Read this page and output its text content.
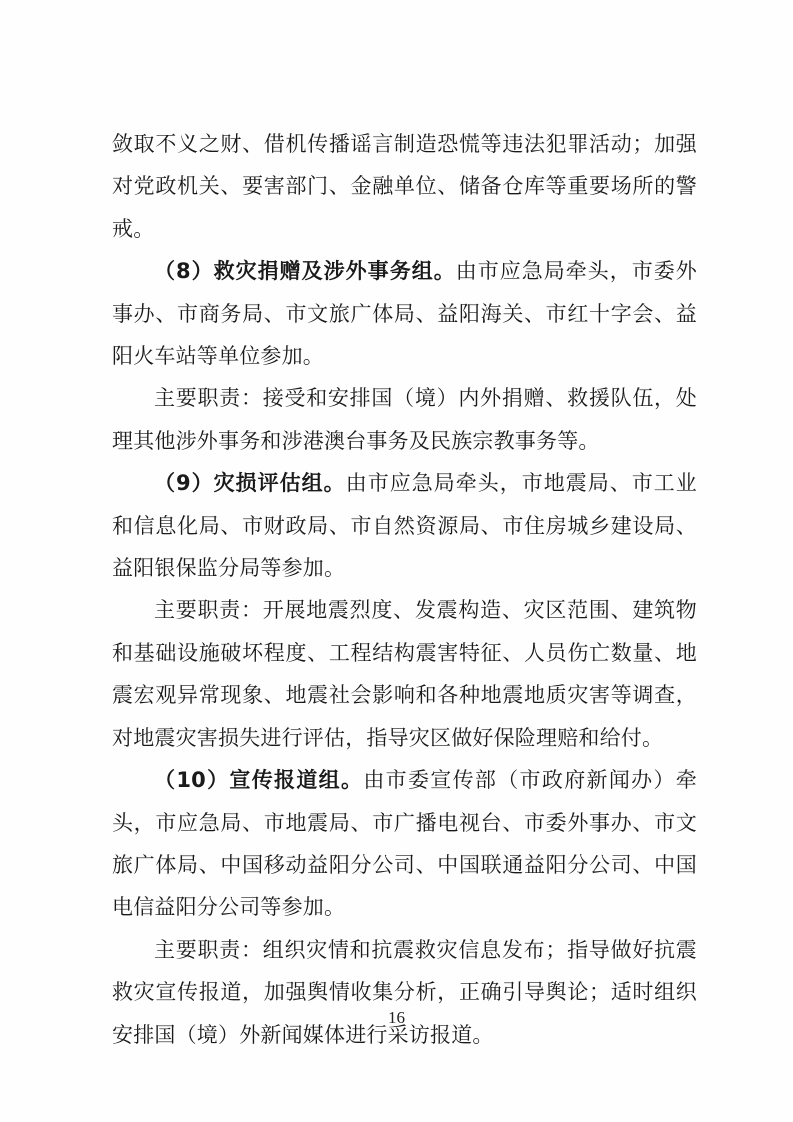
敛取不义之财、借机传播谣言制造恐慌等违法犯罪活动；加强对党政机关、要害部门、金融单位、储备仓库等重要场所的警戒。

（8）救灾捐赠及涉外事务组。由市应急局牵头，市委外事办、市商务局、市文旅广体局、益阳海关、市红十字会、益阳火车站等单位参加。

主要职责：接受和安排国（境）内外捐赠、救援队伍，处理其他涉外事务和涉港澳台事务及民族宗教事务等。

（9）灾损评估组。由市应急局牵头，市地震局、市工业和信息化局、市财政局、市自然资源局、市住房城乡建设局、益阳银保监分局等参加。

主要职责：开展地震烈度、发震构造、灾区范围、建筑物和基础设施破坏程度、工程结构震害特征、人员伤亡数量、地震宏观异常现象、地震社会影响和各种地震地质灾害等调查，对地震灾害损失进行评估，指导灾区做好保险理赔和给付。

（10）宣传报道组。由市委宣传部（市政府新闻办）牵头，市应急局、市地震局、市广播电视台、市委外事办、市文旅广体局、中国移动益阳分公司、中国联通益阳分公司、中国电信益阳分公司等参加。

主要职责：组织灾情和抗震救灾信息发布；指导做好抗震救灾宣传报道，加强舆情收集分析，正确引导舆论；适时组织安排国（境）外新闻媒体进行采访报道。

16
